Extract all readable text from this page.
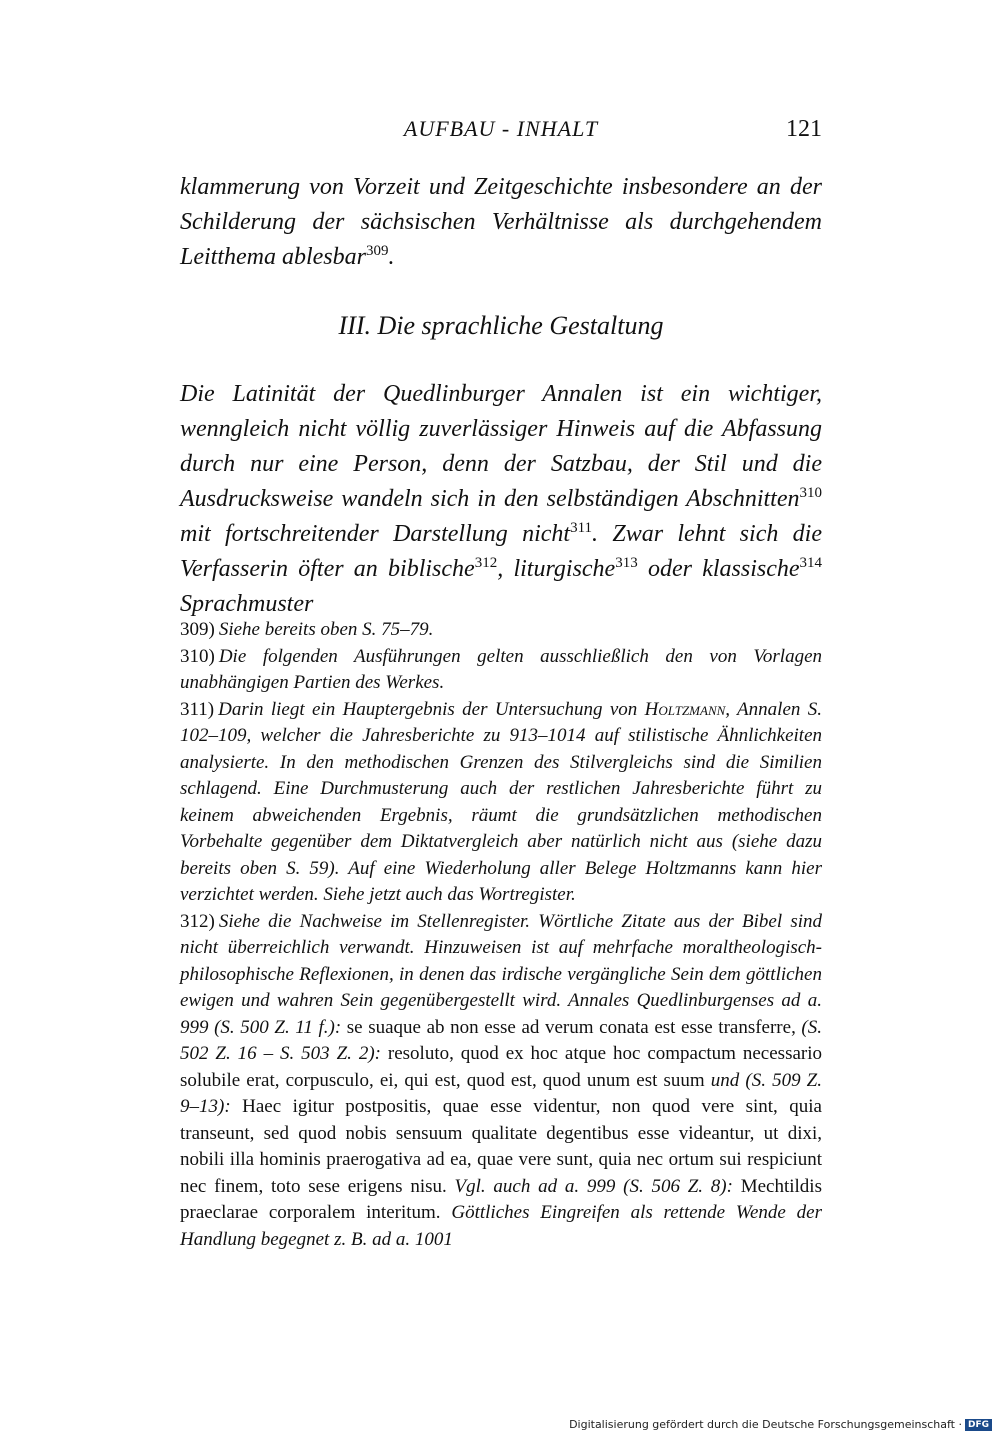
AUFBAU - INHALT	121
klammerung von Vorzeit und Zeitgeschichte insbesondere an der Schilderung der sächsischen Verhältnisse als durchgehendem Leitthema ablesbar$^{309}$.
III. Die sprachliche Gestaltung
Die Latinität der Quedlinburger Annalen ist ein wichtiger, wenngleich nicht völlig zuverlässiger Hinweis auf die Abfassung durch nur eine Person, denn der Satzbau, der Stil und die Ausdrucksweise wandeln sich in den selbständigen Abschnitten$^{310}$ mit fortschreitender Darstellung nicht$^{311}$. Zwar lehnt sich die Verfasserin öfter an biblische$^{312}$, liturgische$^{313}$ oder klassische$^{314}$ Sprachmuster

309) Siehe bereits oben S. 75–79.

310) Die folgenden Ausführungen gelten ausschließlich den von Vorlagen unabhängigen Partien des Werkes.

311) Darin liegt ein Hauptergebnis der Untersuchung von Holtzmann, Annalen S. 102–109, welcher die Jahresberichte zu 913–1014 auf stilistische Ähnlichkeiten analysierte. In den methodischen Grenzen des Stilvergleichs sind die Similien schlagend. Eine Durchmusterung auch der restlichen Jahresberichte führt zu keinem abweichenden Ergebnis, räumt die grundsätzlichen methodischen Vorbehalte gegenüber dem Diktatvergleich aber natürlich nicht aus (siehe dazu bereits oben S. 59). Auf eine Wiederholung aller Belege Holtzmanns kann hier verzichtet werden. Siehe jetzt auch das Wortregister.

312) Siehe die Nachweise im Stellenregister. Wörtliche Zitate aus der Bibel sind nicht überreichlich verwandt. Hinzuweisen ist auf mehrfache moraltheologisch-philosophische Reflexionen, in denen das irdische vergängliche Sein dem göttlichen ewigen und wahren Sein gegenübergestellt wird. Annales Quedlinburgenses ad a. 999 (S. 500 Z. 11 f.): se suaque ab non esse ad verum conata est esse transferre, (S. 502 Z. 16 – S. 503 Z. 2): resoluto, quod ex hoc atque hoc compactum necessario solubile erat, corpusculo, ei, qui est, quod est, quod unum est suum und (S. 509 Z. 9–13): Haec igitur postpositis, quae esse videntur, non quod vere sint, quia transeunt, sed quod nobis sensuum qualitate degentibus esse videantur, ut dixi, nobili illa hominis praerogativa ad ea, quae vere sunt, quia nec ortum sui respiciunt nec finem, toto sese erigens nisu. Vgl. auch ad a. 999 (S. 506 Z. 8): Mechtildis praeclarae corporalem interitum. Göttliches Eingreifen als rettende Wende der Handlung begegnet z. B. ad a. 1001

Digitalisierung gefördert durch die Deutsche Forschungsgemeinschaft · DFG
